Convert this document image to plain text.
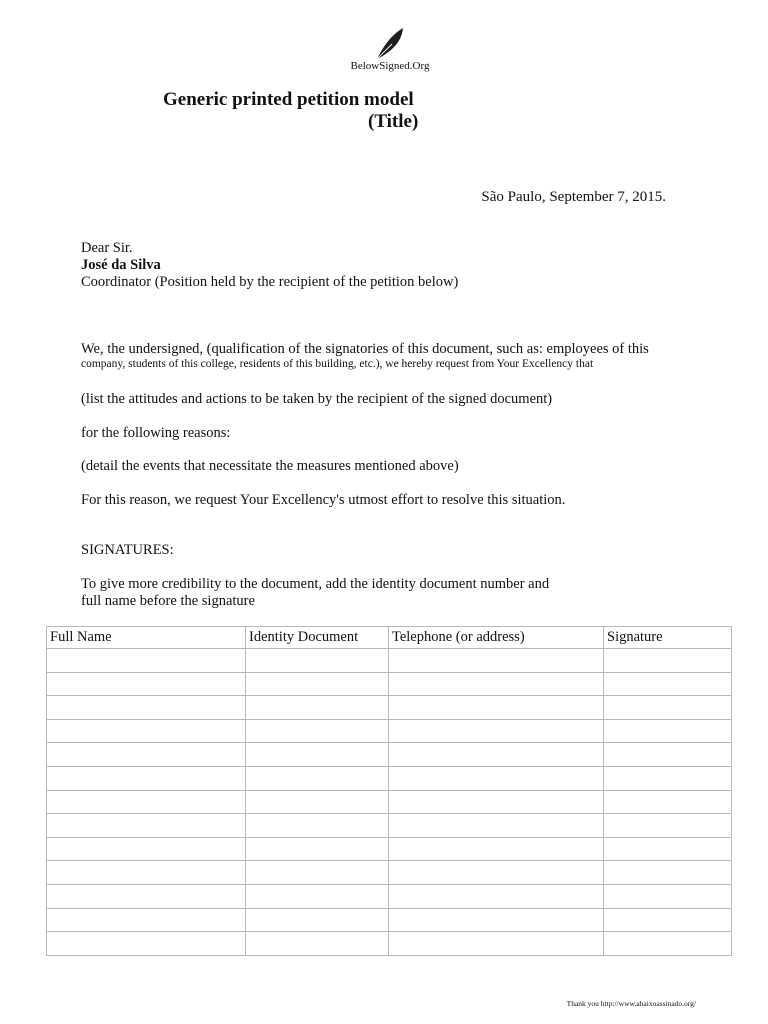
BelowSigned.Org
Generic printed petition model
(Title)
São Paulo, September 7, 2015.
Dear Sir.
José da Silva
Coordinator (Position held by the recipient of the petition below)
We, the undersigned, (qualification of the signatories of this document, such as: employees of this
company, students of this college, residents of this building, etc.), we hereby request from Your Excellency that
(list the attitudes and actions to be taken by the recipient of the signed document)
for the following reasons:
(detail the events that necessitate the measures mentioned above)
For this reason, we request Your Excellency's utmost effort to resolve this situation.
SIGNATURES:
To give more credibility to the document, add the identity document number and
full name before the signature
Full Name	Identity Document	Telephone (or address)	Signature

Thank you http://www.abaixoassinado.org/
